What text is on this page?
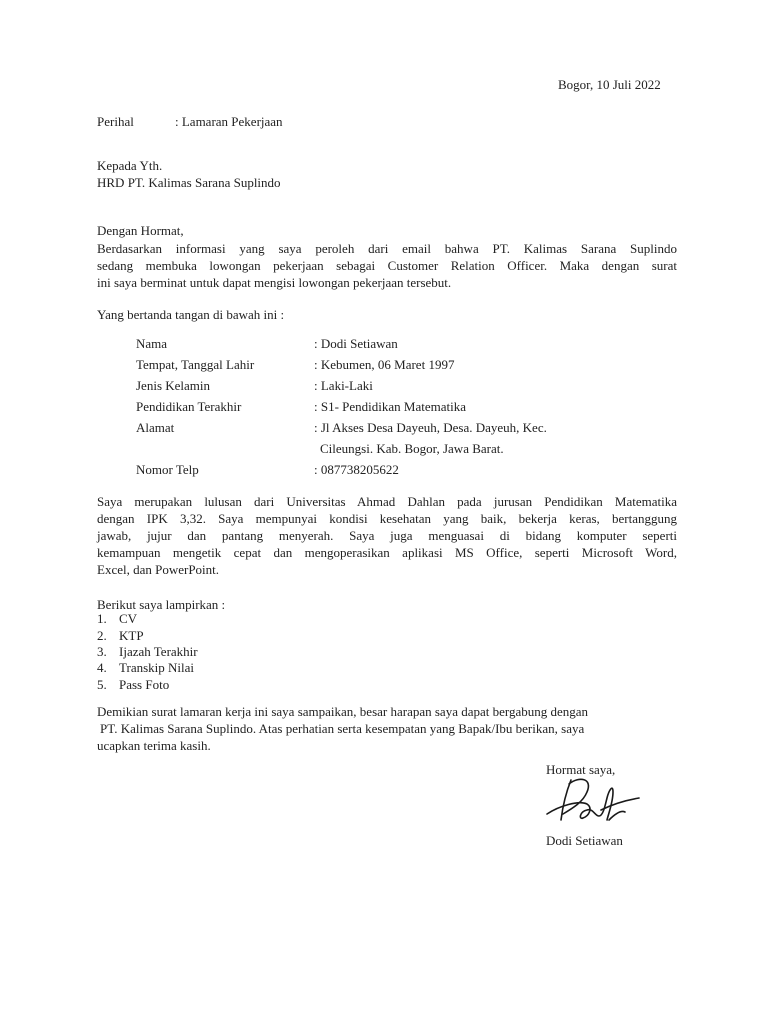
Bogor, 10 Juli 2022
Perihal	: Lamaran Pekerjaan
Kepada Yth.
HRD PT. Kalimas Sarana Suplindo
Dengan Hormat,
Berdasarkan informasi yang saya peroleh dari email bahwa PT. Kalimas Sarana Suplindo
sedang membuka lowongan pekerjaan sebagai Customer Relation Officer. Maka dengan surat
ini saya berminat untuk dapat mengisi lowongan pekerjaan tersebut.
Yang bertanda tangan di bawah ini :
Nama	: Dodi Setiawan
Tempat, Tanggal Lahir	: Kebumen, 06 Maret 1997
Jenis Kelamin	: Laki-Laki
Pendidikan Terakhir	: S1- Pendidikan Matematika
Alamat	: Jl Akses Desa Dayeuh, Desa. Dayeuh, Kec.
Cileungsi. Kab. Bogor, Jawa Barat.
Nomor Telp	: 087738205622
Saya merupakan lulusan dari Universitas Ahmad Dahlan pada jurusan Pendidikan Matematika
dengan IPK 3,32. Saya mempunyai kondisi kesehatan yang baik, bekerja keras, bertanggung
jawab, jujur dan pantang menyerah. Saya juga menguasai di bidang komputer seperti
kemampuan mengetik cepat dan mengoperasikan aplikasi MS Office, seperti Microsoft Word,
Excel, dan PowerPoint.
Berikut saya lampirkan :
1. CV
2. KTP
3. Ijazah Terakhir
4. Transkip Nilai
5. Pass Foto
Demikian surat lamaran kerja ini saya sampaikan, besar harapan saya dapat bergabung dengan
PT. Kalimas Sarana Suplindo. Atas perhatian serta kesempatan yang Bapak/Ibu berikan, saya
ucapkan terima kasih.
Hormat saya,
Dodi Setiawan
